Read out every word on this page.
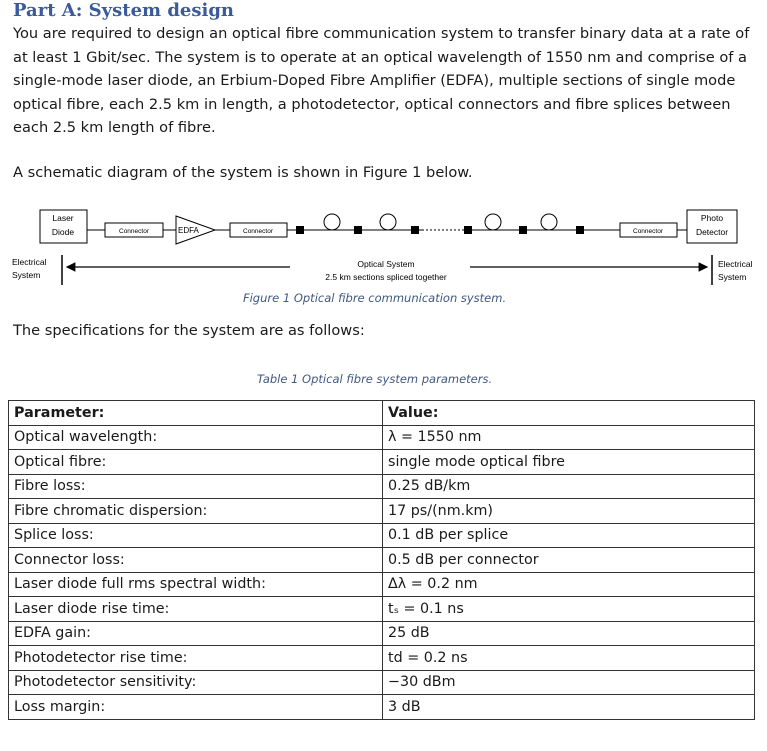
Part A: System design
You are required to design an optical fibre communication system to transfer binary data at a rate of at least 1 Gbit/sec. The system is to operate at an optical wavelength of 1550 nm and comprise of a single-mode laser diode, an Erbium-Doped Fibre Amplifier (EDFA), multiple sections of single mode optical fibre, each 2.5 km in length, a photodetector, optical connectors and fibre splices between each 2.5 km length of fibre.
A schematic diagram of the system is shown in Figure 1 below.
Laser
Diode	Connector	EDFA	Connector	Connector
Photo
Detector
Electrical
System
Optical System
2.5 km sections spliced together
Electrical
System
Figure 1 Optical fibre communication system.
The specifications for the system are as follows:
Table 1 Optical fibre system parameters.
Parameter:	Value:
Optical wavelength:	λ = 1550 nm
Optical fibre:	single mode optical fibre
Fibre loss:	0.25 dB/km
Fibre chromatic dispersion:	17 ps/(nm.km)
Splice loss:	0.1 dB per splice
Connector loss:	0.5 dB per connector
Laser diode full rms spectral width:	Δλ = 0.2 nm
Laser diode rise time:	tₛ = 0.1 ns
EDFA gain:	25 dB
Photodetector rise time:	td = 0.2 ns
Photodetector sensitivity:	−30 dBm
Loss margin:	3 dB
